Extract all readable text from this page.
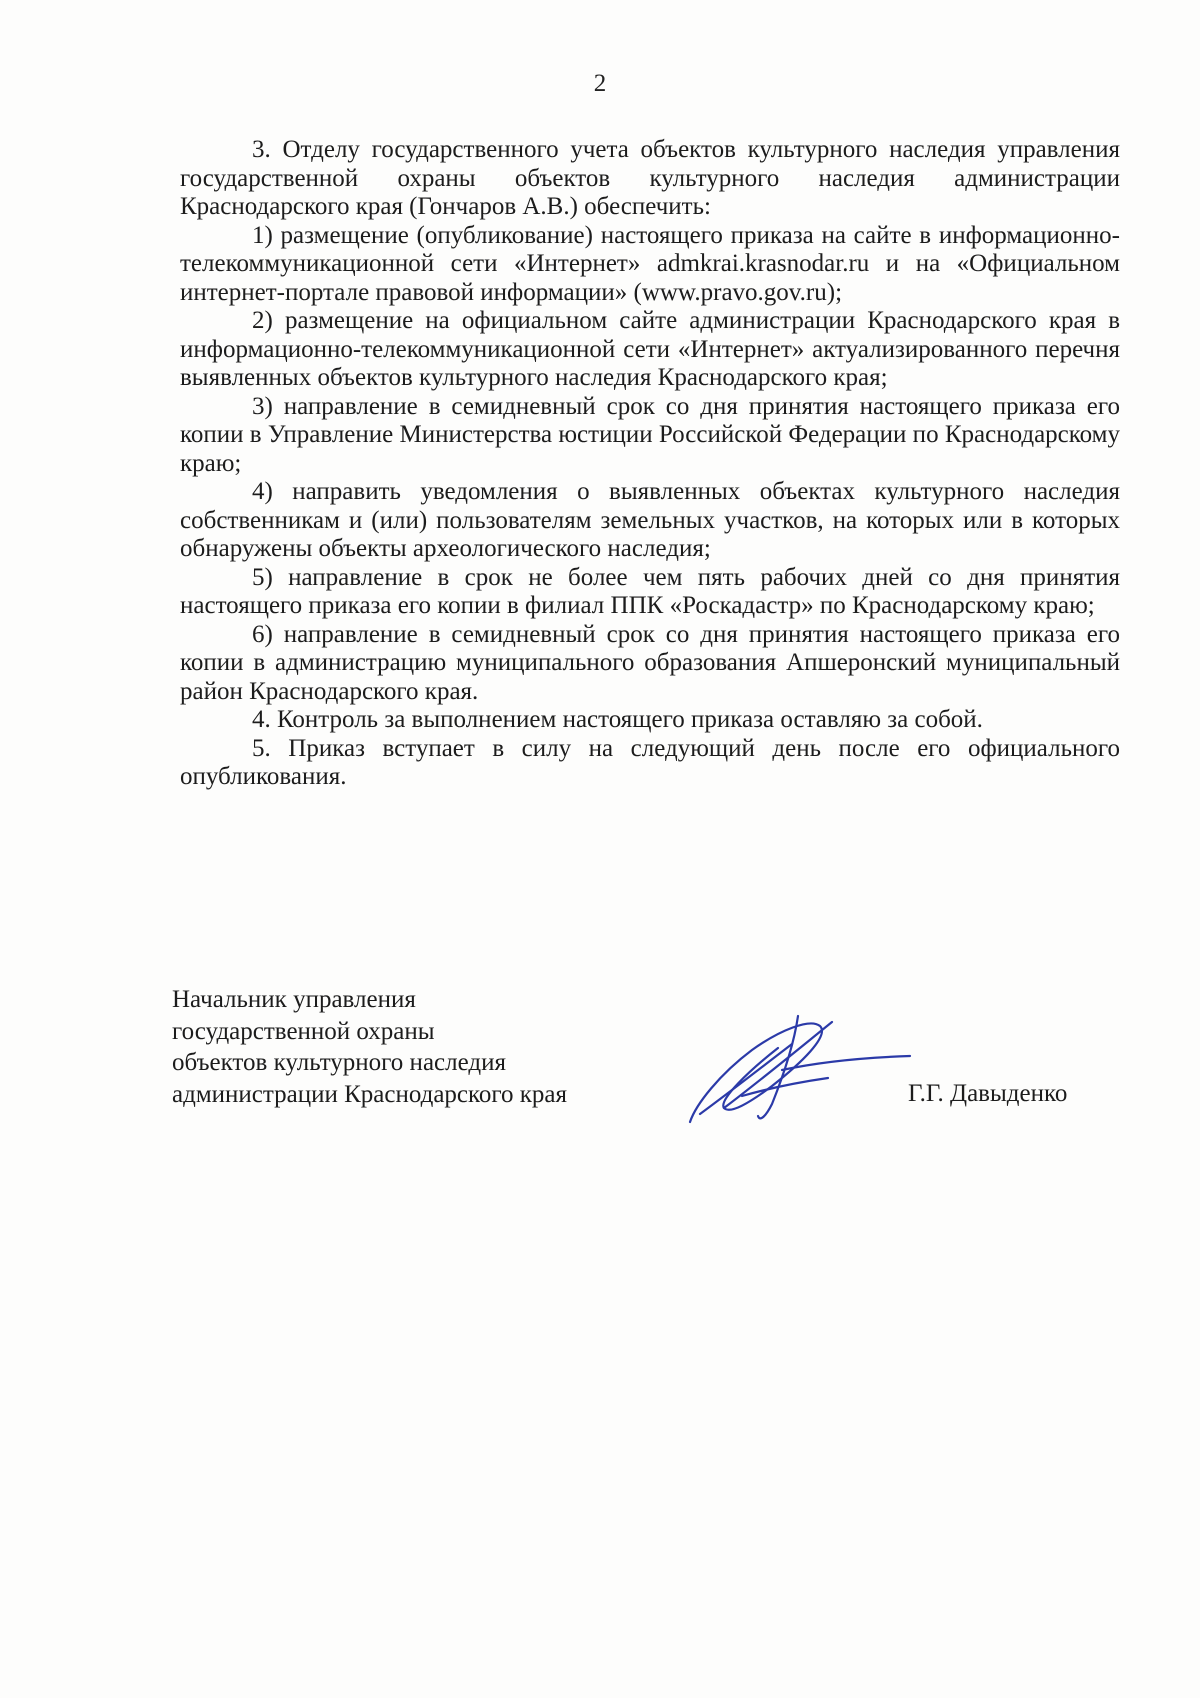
2

3. Отделу государственного учета объектов культурного наследия управления государственной охраны объектов культурного наследия администрации Краснодарского края (Гончаров А.В.) обеспечить:

1) размещение (опубликование) настоящего приказа на сайте в информационно-телекоммуникационной сети «Интернет» admkrai.krasnodar.ru и на «Официальном интернет-портале правовой информации» (www.pravo.gov.ru);

2) размещение на официальном сайте администрации Краснодарского края в информационно-телекоммуникационной сети «Интернет» актуализированного перечня выявленных объектов культурного наследия Краснодарского края;

3) направление в семидневный срок со дня принятия настоящего приказа его копии в Управление Министерства юстиции Российской Федерации по Краснодарскому краю;

4) направить уведомления о выявленных объектах культурного наследия собственникам и (или) пользователям земельных участков, на которых или в которых обнаружены объекты археологического наследия;

5) направление в срок не более чем пять рабочих дней со дня принятия настоящего приказа его копии в филиал ППК «Роскадастр» по Краснодарскому краю;

6) направление в семидневный срок со дня принятия настоящего приказа его копии в администрацию муниципального образования Апшеронский муниципальный район Краснодарского края.

4. Контроль за выполнением настоящего приказа оставляю за собой.

5. Приказ вступает в силу на следующий день после его официального опубликования.

Начальник управления
государственной охраны
объектов культурного наследия
администрации Краснодарского края	Г.Г. Давыденко
